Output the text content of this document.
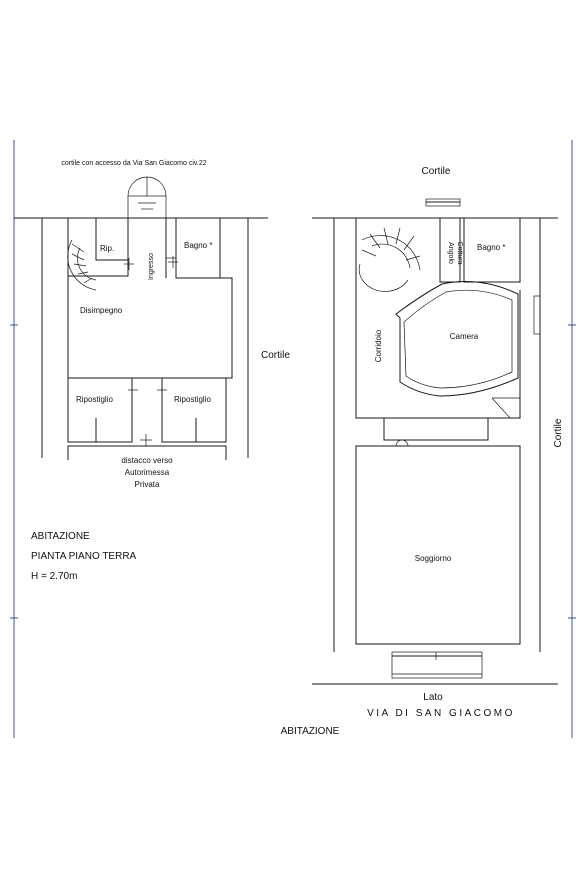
cortile con accesso da Via San Giacomo civ.22
Rip.
Ingresso
Bagno *
Disimpegno
Ripostiglio	Ripostiglio
Cortile
distacco verso
Autorimessa
Privata
ABITAZIONE
PIANTA PIANO TERRA
H = 2.70m
Cortile
Angolo Cottura Bagno *
Camera
Corridoio
Soggiorno
Cortile
Lato
VIA DI SAN GIACOMO
ABITAZIONE
